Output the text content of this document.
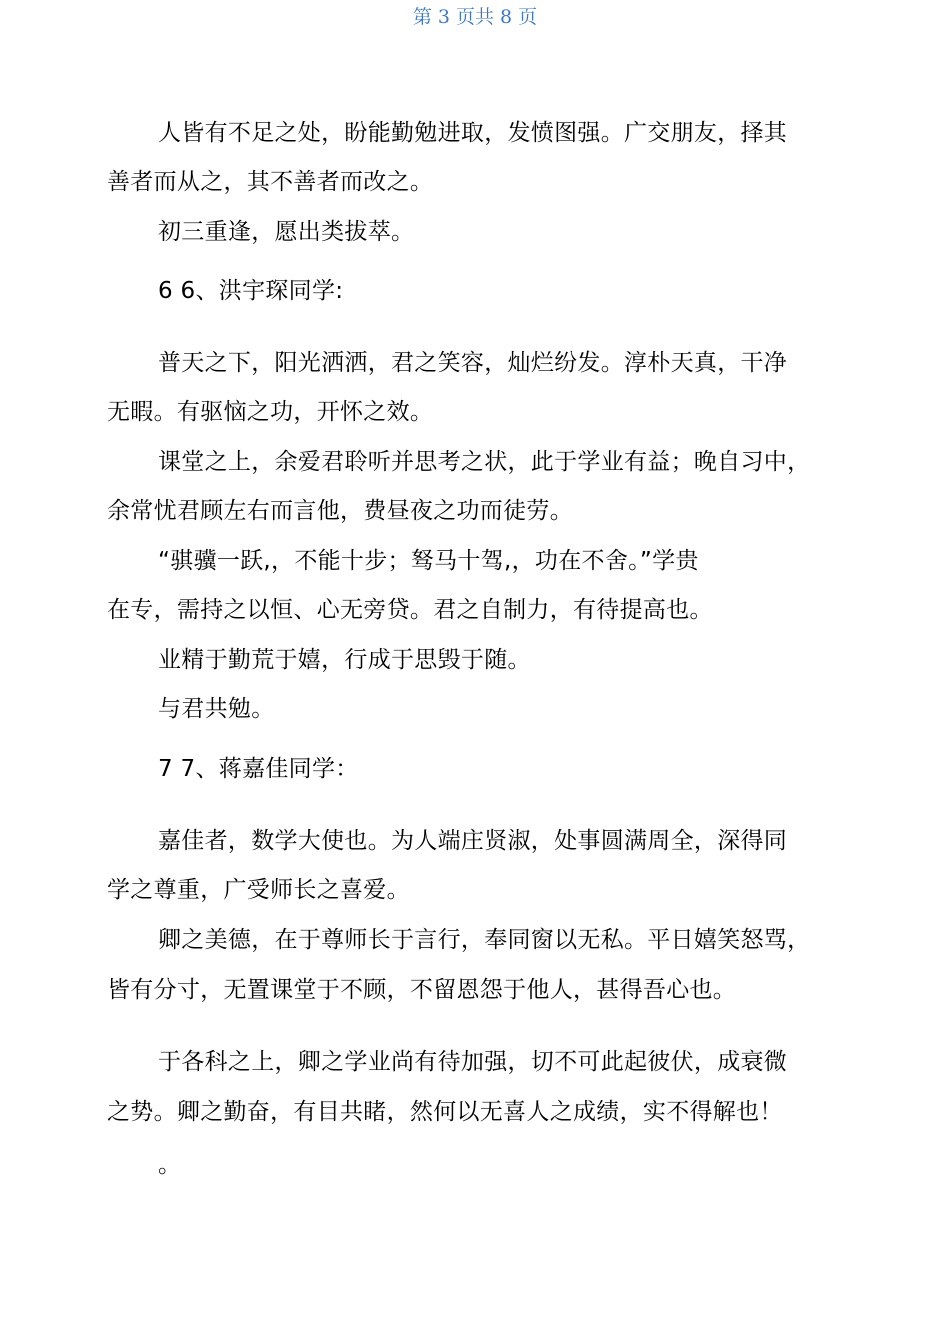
第 3 页共 8 页
人皆有不足之处，盼能勤勉进取，发愤图强。广交朋友，择其
善者而从之，其不善者而改之。
初三重逢，愿出类拔萃。
6 6、洪宇琛同学:
普天之下，阳光洒洒，君之笑容，灿烂纷发。淳朴天真，干净
无暇。有驱恼之功，开怀之效。
课堂之上，余爱君聆听并思考之状，此于学业有益；晚自习中，
余常忧君顾左右而言他，费昼夜之功而徒劳。
“骐骥一跃,，不能十步；驽马十驾,，功在不舍。”学贵
在专，需持之以恒、心无旁贷。君之自制力，有待提高也。
业精于勤荒于嬉，行成于思毁于随。
与君共勉。
7 7、蒋嘉佳同学：
嘉佳者，数学大使也。为人端庄贤淑，处事圆满周全，深得同
学之尊重，广受师长之喜爱。
卿之美德，在于尊师长于言行，奉同窗以无私。平日嬉笑怒骂，
皆有分寸，无置课堂于不顾，不留恩怨于他人，甚得吾心也。
于各科之上，卿之学业尚有待加强，切不可此起彼伏，成衰微
之势。卿之勤奋，有目共睹，然何以无喜人之成绩，实不得解也！
。
